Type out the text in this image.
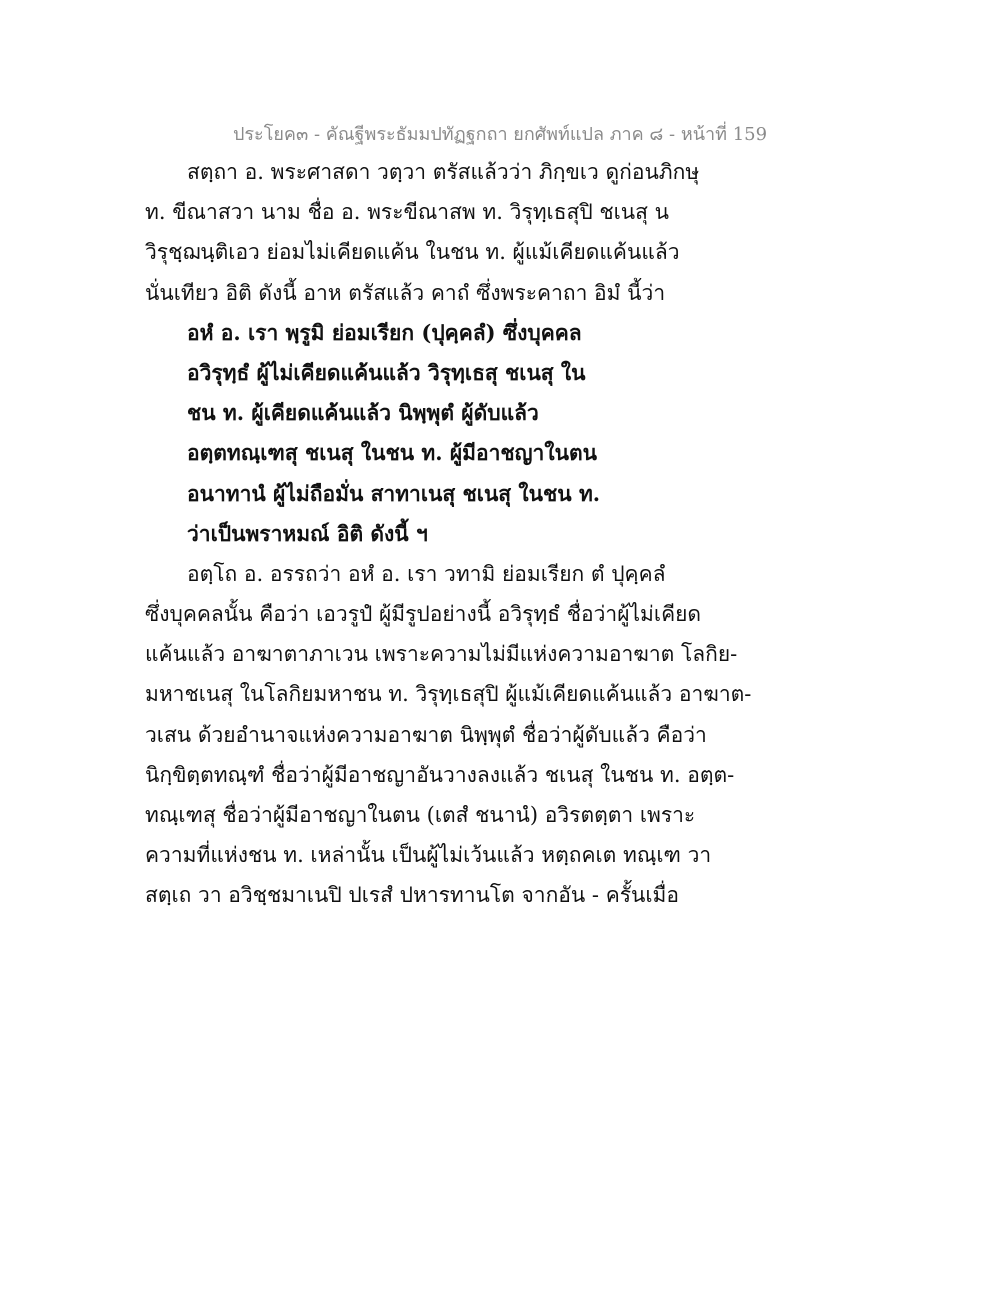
ประโยค๓ - คัณฐีพระธัมมปทัฏฐกถา ยกศัพท์แปล ภาค ๘ - หน้าที่ 159
สตฺถา อ. พระศาสดา วตฺวา ตรัสแล้วว่า ภิกฺขเว ดูก่อนภิกษุ
ท. ขีณาสวา นาม ชื่อ อ. พระขีณาสพ ท. วิรุทฺเธสุปิ ชเนสุ น
วิรุชฺฌนฺติเอว ย่อมไม่เคียดแค้น ในชน ท. ผู้แม้เคียดแค้นแล้ว
นั่นเทียว อิติ ดังนี้ อาห ตรัสแล้ว คาถํ ซึ่งพระคาถา อิมํ นี้ว่า
อหํ อ. เรา พฺรูมิ ย่อมเรียก (ปุคฺคลํ) ซึ่งบุคคล
อวิรุทฺธํ ผู้ไม่เคียดแค้นแล้ว วิรุทฺเธสุ ชเนสุ ใน
ชน ท. ผู้เคียดแค้นแล้ว นิพฺพุตํ ผู้ดับแล้ว
อตฺตทณฺเฑสุ ชเนสุ ในชน ท. ผู้มีอาชญาในตน
อนาทานํ ผู้ไม่ถือมั่น สาทาเนสุ ชเนสุ ในชน ท.
ว่าเป็นพราหมณ์ อิติ ดังนี้ ฯ
อตฺโถ อ. อรรถว่า อหํ อ. เรา วทามิ ย่อมเรียก ตํ ปุคฺคลํ
ซึ่งบุคคลนั้น คือว่า เอวรูปํ ผู้มีรูปอย่างนี้ อวิรุทฺธํ ชื่อว่าผู้ไม่เคียด
แค้นแล้ว อาฆาตาภาเวน เพราะความไม่มีแห่งความอาฆาต โลกิย-
มหาชเนสุ ในโลกิยมหาชน ท. วิรุทฺเธสุปิ ผู้แม้เคียดแค้นแล้ว อาฆาต-
วเสน ด้วยอำนาจแห่งความอาฆาต นิพฺพุตํ ชื่อว่าผู้ดับแล้ว คือว่า
นิกฺขิตฺตทณฺฑํ ชื่อว่าผู้มีอาชญาอันวางลงแล้ว ชเนสุ ในชน ท. อตฺต-
ทณฺเฑสุ ชื่อว่าผู้มีอาชญาในตน (เตสํ ชนานํ) อวิรตตฺตา เพราะ
ความที่แห่งชน ท. เหล่านั้น เป็นผู้ไม่เว้นแล้ว หตฺถคเต ทณฺเฑ วา
สตฺเถ วา อวิชฺชมาเนปิ ปเรสํ ปหารทานโต จากอัน - ครั้นเมื่อ
